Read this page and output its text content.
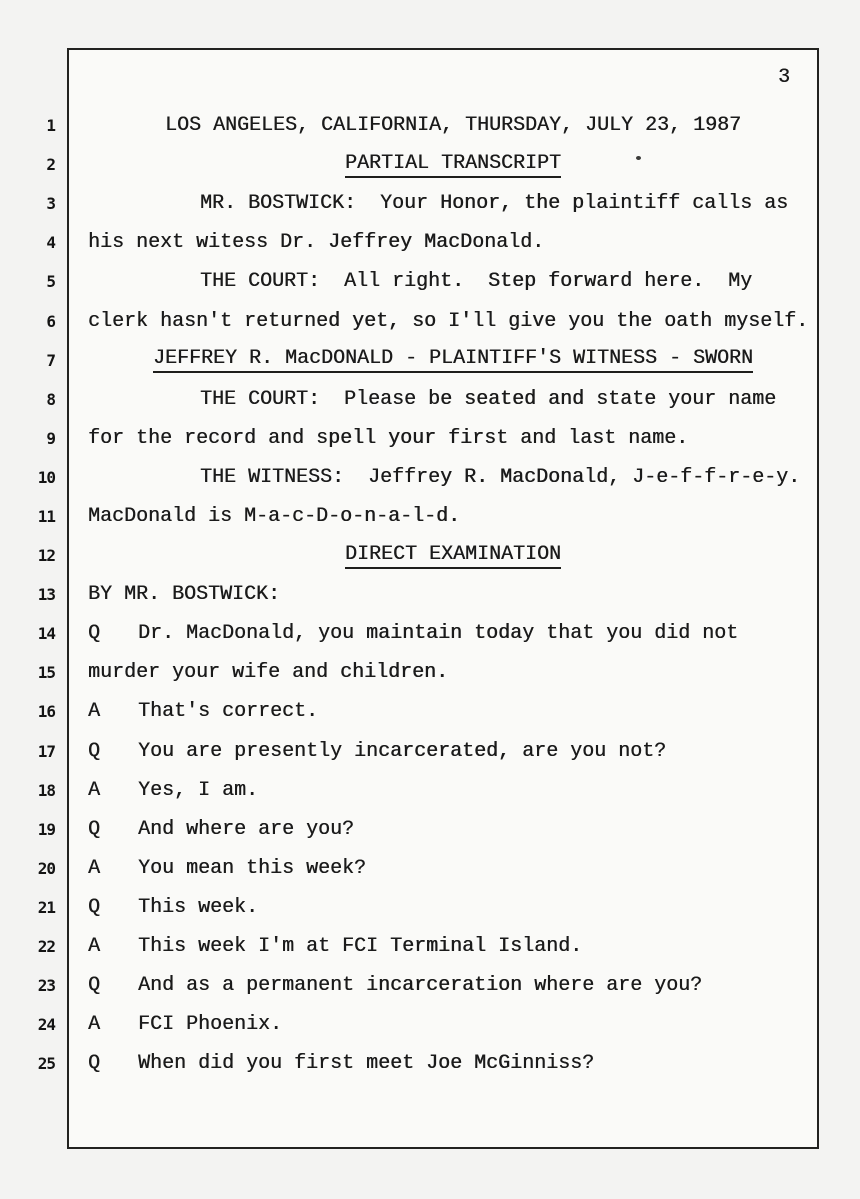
3
1	LOS ANGELES, CALIFORNIA, THURSDAY, JULY 23, 1987
2	PARTIAL TRANSCRIPT
3	MR. BOSTWICK:  Your Honor, the plaintiff calls as
4 his next witess Dr. Jeffrey MacDonald.
5	THE COURT:  All right.  Step forward here.  My
6 clerk hasn't returned yet, so I'll give you the oath myself.
7	JEFFREY R. MacDONALD - PLAINTIFF'S WITNESS - SWORN
8	THE COURT:  Please be seated and state your name
9 for the record and spell your first and last name.
10	THE WITNESS:  Jeffrey R. MacDonald, J-e-f-f-r-e-y.
11 MacDonald is M-a-c-D-o-n-a-l-d.
12	DIRECT EXAMINATION
13 BY MR. BOSTWICK:
14 Q Dr. MacDonald, you maintain today that you did not
15 murder your wife and children.
16 A That's correct.
17 Q You are presently incarcerated, are you not?
18 A Yes, I am.
19 Q And where are you?
20 A You mean this week?
21 Q This week.
22 A This week I'm at FCI Terminal Island.
23 Q And as a permanent incarceration where are you?
24 A FCI Phoenix.
25 Q When did you first meet Joe McGinniss?
